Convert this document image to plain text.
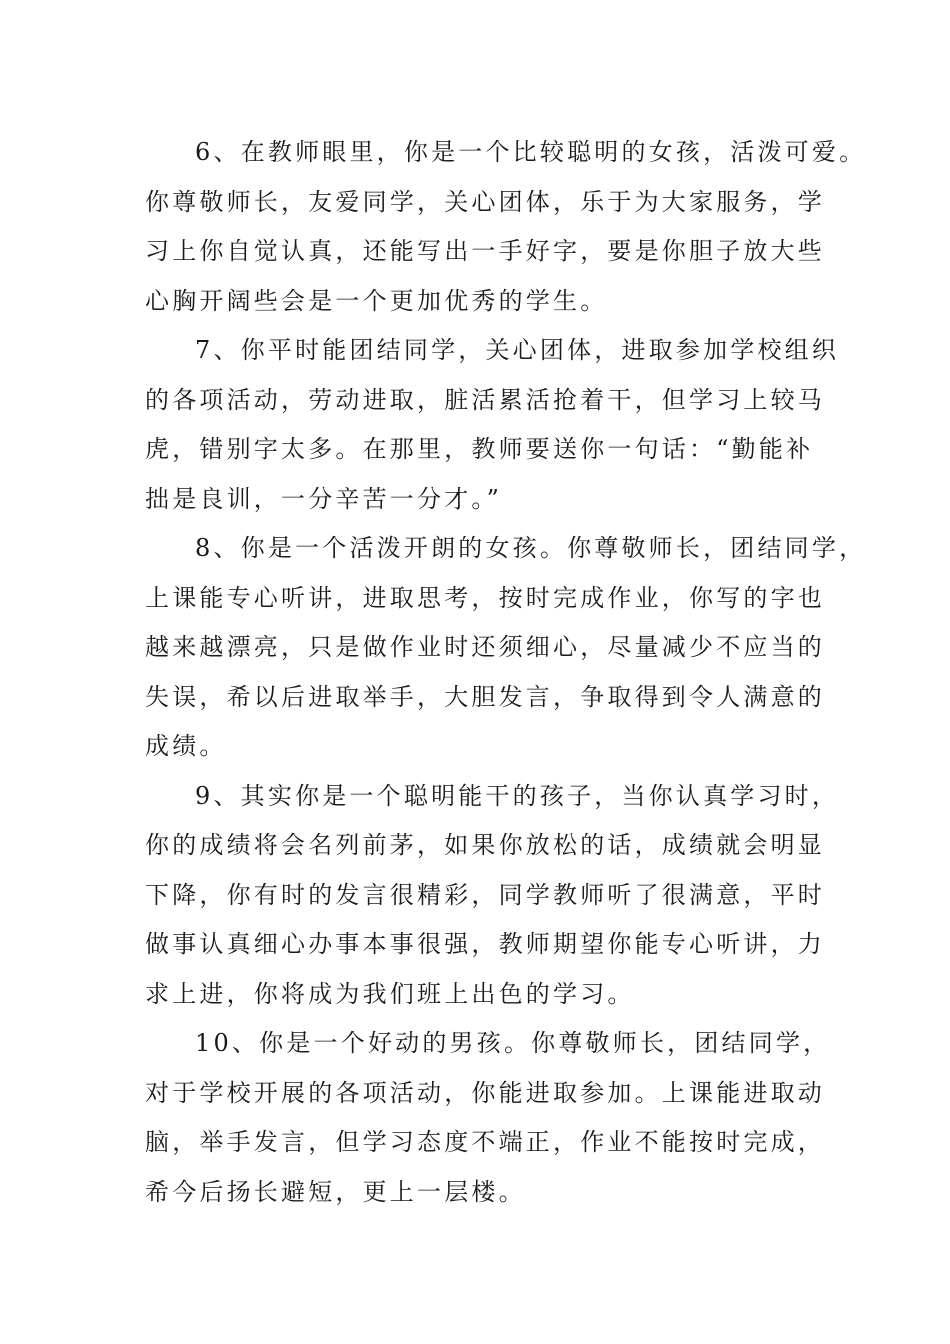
6、在教师眼里，你是一个比较聪明的女孩，活泼可爱。
你尊敬师长，友爱同学，关心团体，乐于为大家服务，学
习上你自觉认真，还能写出一手好字，要是你胆子放大些
心胸开阔些会是一个更加优秀的学生。

7、你平时能团结同学，关心团体，进取参加学校组织
的各项活动，劳动进取，脏活累活抢着干，但学习上较马
虎，错别字太多。在那里，教师要送你一句话：“勤能补
拙是良训，一分辛苦一分才。”

8、你是一个活泼开朗的女孩。你尊敬师长，团结同学，
上课能专心听讲，进取思考，按时完成作业，你写的字也
越来越漂亮，只是做作业时还须细心，尽量减少不应当的
失误，希以后进取举手，大胆发言，争取得到令人满意的
成绩。

9、其实你是一个聪明能干的孩子，当你认真学习时，
你的成绩将会名列前茅，如果你放松的话，成绩就会明显
下降，你有时的发言很精彩，同学教师听了很满意，平时
做事认真细心办事本事很强，教师期望你能专心听讲，力
求上进，你将成为我们班上出色的学习。

10、你是一个好动的男孩。你尊敬师长，团结同学，
对于学校开展的各项活动，你能进取参加。上课能进取动
脑，举手发言，但学习态度不端正，作业不能按时完成，
希今后扬长避短，更上一层楼。
